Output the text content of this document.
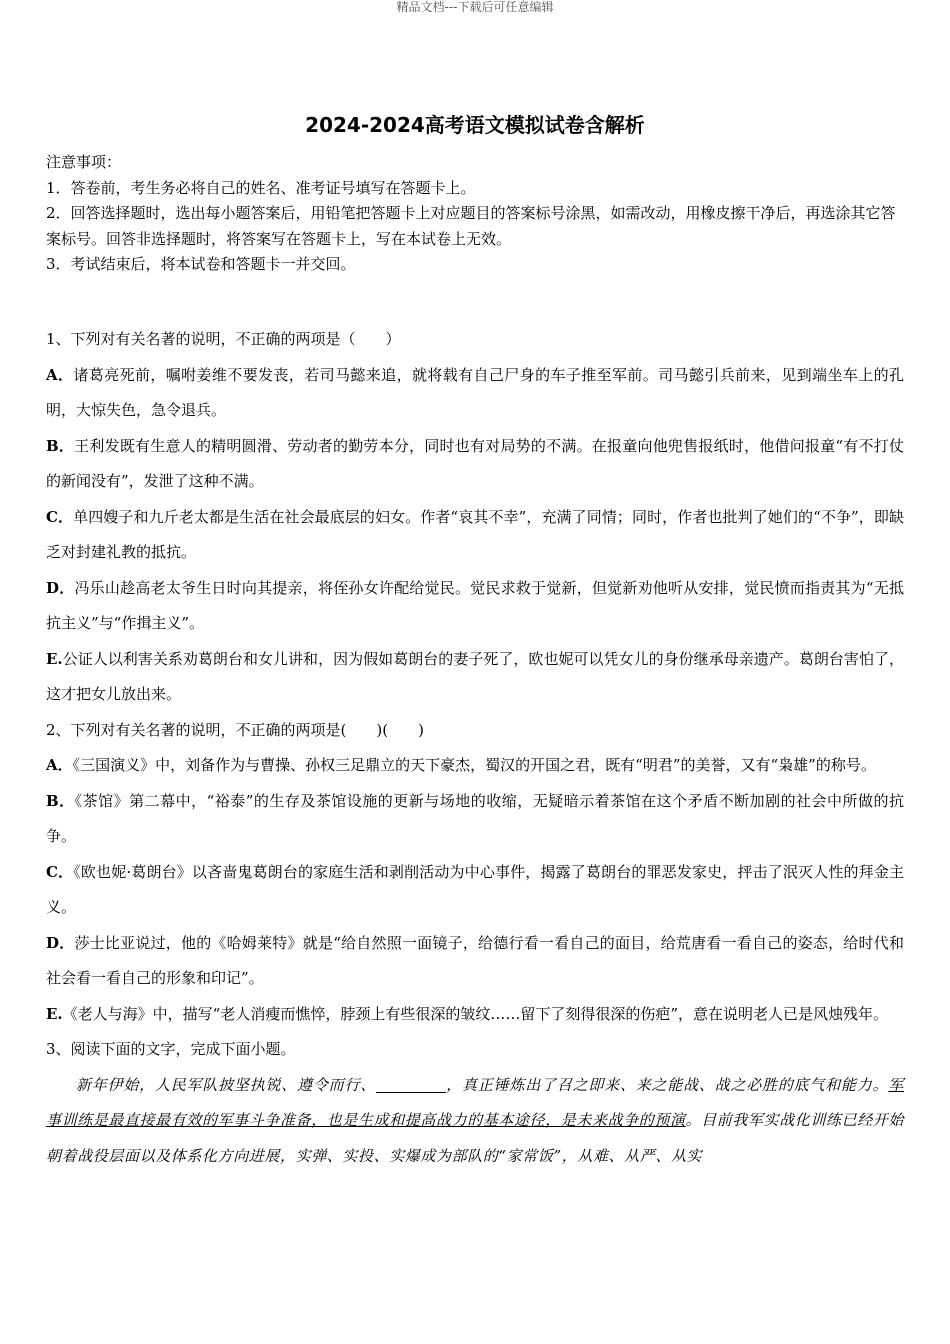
精品文档---下载后可任意编辑
2024-2024高考语文模拟试卷含解析

注意事项：

1．答卷前，考生务必将自己的姓名、准考证号填写在答题卡上。

2．回答选择题时，选出每小题答案后，用铅笔把答题卡上对应题目的答案标号涂黑，如需改动，用橡皮擦干净后，再选涂其它答案标号。回答非选择题时，将答案写在答题卡上，写在本试卷上无效。

3．考试结束后，将本试卷和答题卡一并交回。

1、下列对有关名著的说明，不正确的两项是（　　）

A．诸葛亮死前，嘱咐姜维不要发丧，若司马懿来追，就将载有自己尸身的车子推至军前。司马懿引兵前来，见到端坐车上的孔明，大惊失色，急令退兵。

B．王利发既有生意人的精明圆滑、劳动者的勤劳本分，同时也有对局势的不满。在报童向他兜售报纸时，他借问报童“有不打仗的新闻没有”，发泄了这种不满。

C．单四嫂子和九斤老太都是生活在社会最底层的妇女。作者“哀其不幸”，充满了同情；同时，作者也批判了她们的“不争”，即缺乏对封建礼教的抵抗。

D．冯乐山趁高老太爷生日时向其提亲，将侄孙女许配给觉民。觉民求救于觉新，但觉新劝他听从安排，觉民愤而指责其为“无抵抗主义”与“作揖主义”。

E.公证人以利害关系劝葛朗台和女儿讲和，因为假如葛朗台的妻子死了，欧也妮可以凭女儿的身份继承母亲遗产。葛朗台害怕了，这才把女儿放出来。

2、下列对有关名著的说明，不正确的两项是(　　)(　　)

A．《三国演义》中，刘备作为与曹操、孙权三足鼎立的天下豪杰，蜀汉的开国之君，既有“明君”的美誉，又有“枭雄”的称号。

B．《茶馆》第二幕中，“裕泰”的生存及茶馆设施的更新与场地的收缩，无疑暗示着茶馆在这个矛盾不断加剧的社会中所做的抗争。

C．《欧也妮·葛朗台》以吝啬鬼葛朗台的家庭生活和剥削活动为中心事件，揭露了葛朗台的罪恶发家史，抨击了泯灭人性的拜金主义。

D．莎士比亚说过，他的《哈姆莱特》就是“给自然照一面镜子，给德行看一看自己的面目，给荒唐看一看自己的姿态，给时代和社会看一看自己的形象和印记”。

E.《老人与海》中，描写“老人消瘦而憔悴，脖颈上有些很深的皱纹……留下了刻得很深的伤疤”，意在说明老人已是风烛残年。

3、阅读下面的文字，完成下面小题。

新年伊始，人民军队披坚执锐、遵令而行、	，真正锤炼出了召之即来、来之能战、战之必胜的底气和能力。军事训练是最直接最有效的军事斗争准备，也是生成和提高战力的基本途径，是未来战争的预演。目前我军实战化训练已经开始朝着战役层面以及体系化方向进展，实弹、实投、实爆成为部队的“家常饭”，从难、从严、从实
